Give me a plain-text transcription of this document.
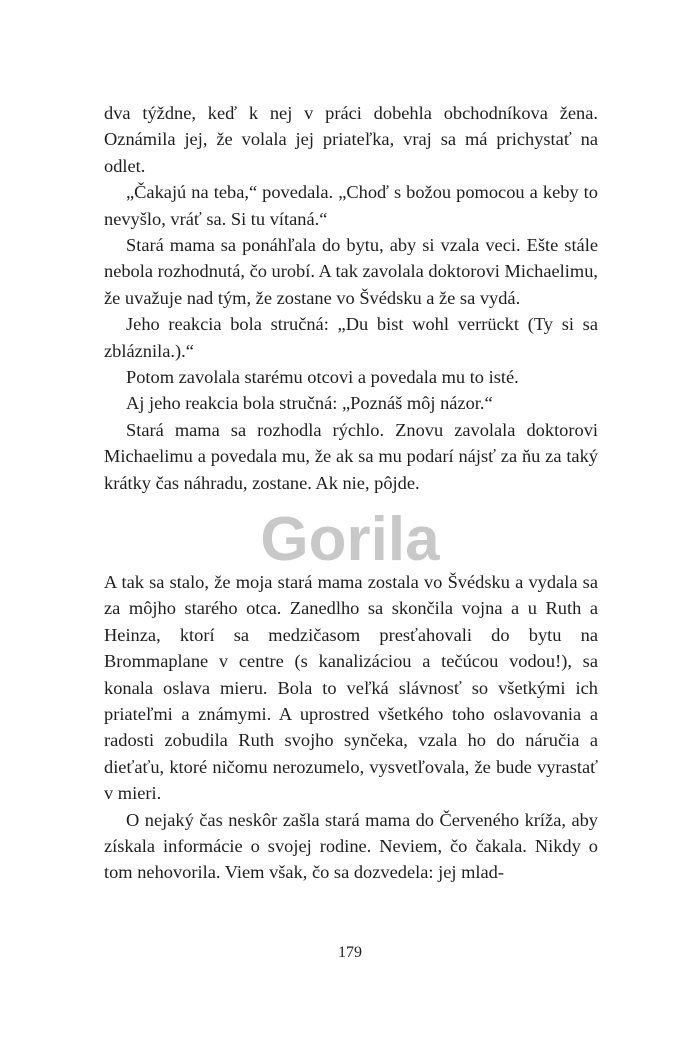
dva týždne, keď k nej v práci dobehla obchodníkova žena. Oznámila jej, že volala jej priateľka, vraj sa má prichystať na odlet.

„Čakajú na teba,“ povedala. „Choď s božou pomocou a keby to nevyšlo, vráť sa. Si tu vítaná.“

Stará mama sa ponáhľala do bytu, aby si vzala veci. Ešte stále nebola rozhodnutá, čo urobí. A tak zavolala doktorovi Michaelimu, že uvažuje nad tým, že zostane vo Švédsku a že sa vydá.

Jeho reakcia bola stručná: „Du bist wohl verrückt (Ty si sa zbláznila.).“

Potom zavolala starému otcovi a povedala mu to isté.

Aj jeho reakcia bola stručná: „Poznáš môj názor.“

Stará mama sa rozhodla rýchlo. Znovu zavolala doktorovi Michaelimu a povedala mu, že ak sa mu podarí nájsť za ňu za taký krátky čas náhradu, zostane. Ak nie, pôjde.

A tak sa stalo, že moja stará mama zostala vo Švédsku a vydala sa za môjho starého otca. Zanedlho sa skončila vojna a u Ruth a Heinza, ktorí sa medzičasom presťahovali do bytu na Brommaplane v centre (s kanalizáciou a tečúcou vodou!), sa konala oslava mieru. Bola to veľká slávnosť so všetkými ich priateľmi a známymi. A uprostred všetkého toho oslavovania a radosti zobudila Ruth svojho synčeka, vzala ho do náručia a dieťaťu, ktoré ničomu nerozumelo, vysvetľovala, že bude vyrastať v mieri.

O nejaký čas neskôr zašla stará mama do Červeného kríža, aby získala informácie o svojej rodine. Neviem, čo čakala. Nikdy o tom nehovorila. Viem však, čo sa dozvedela: jej mlad-

Gorila
179
